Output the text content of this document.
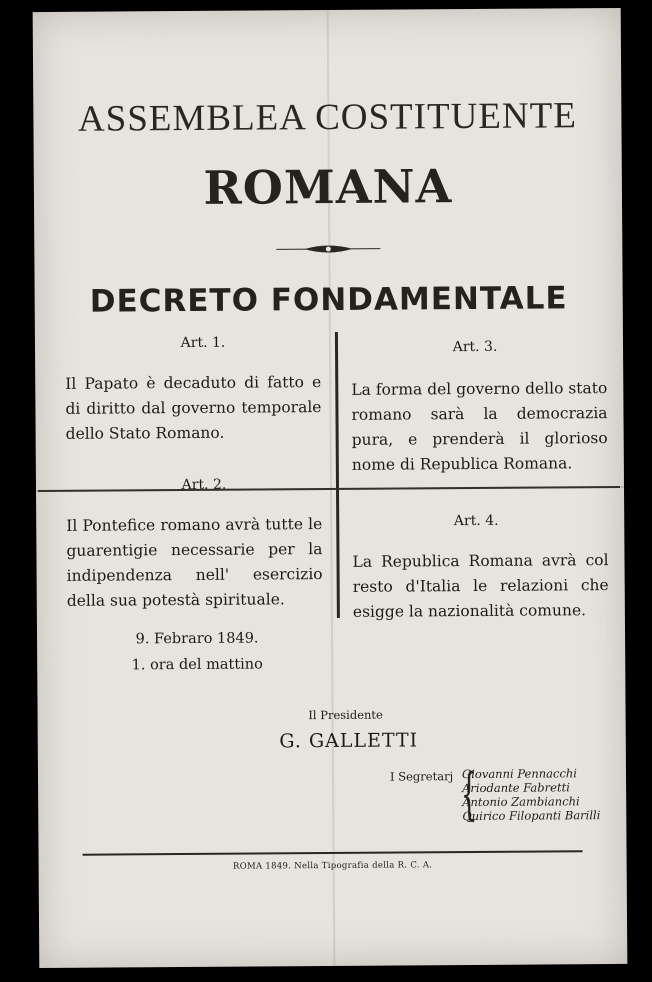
ASSEMBLEA COSTITUENTE
ROMANA
DECRETO FONDAMENTALE
Art. 1.
Il Papato è decaduto di fatto e di diritto dal governo temporale dello Stato Romano.
Art. 2.
Il Pontefice romano avrà tutte le guarentigie necessarie per la indipendenza nell' esercizio della sua potestà spirituale.
9. Febraro 1849.
1. ora del mattino
Art. 3.
La forma del governo dello stato romano sarà la democrazia pura, e prenderà il glorioso nome di Republica Romana.
Art. 4.
La Republica Romana avrà col resto d'Italia le relazioni che esigge la nazionalità comune.
Il Presidente
G. GALLETTI
I Segretarj {
Giovanni Pennacchi
Ariodante Fabretti
Antonio Zambianchi
Quirico Filopanti Barilli
ROMA 1849. Nella Tipografia della R. C. A.
